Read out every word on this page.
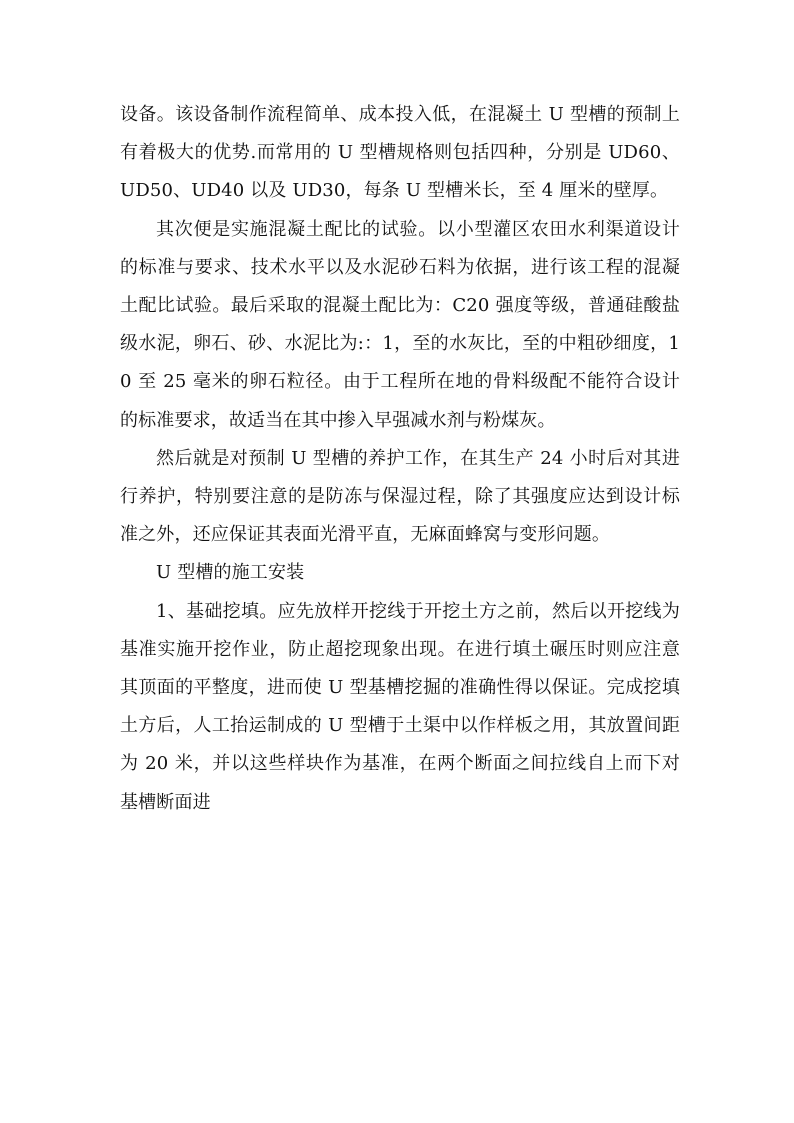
设备。该设备制作流程简单、成本投入低，在混凝土 U 型槽的预制上有着极大的优势.而常用的 U 型槽规格则包括四种，分别是 UD60、UD50、UD40 以及 UD30，每条 U 型槽米长，至 4 厘米的壁厚。

其次便是实施混凝土配比的试验。以小型灌区农田水利渠道设计的标准与要求、技术水平以及水泥砂石料为依据，进行该工程的混凝土配比试验。最后采取的混凝土配比为：C20 强度等级，普通硅酸盐级水泥，卵石、砂、水泥比为:：1，至的水灰比，至的中粗砂细度，10 至 25 毫米的卵石粒径。由于工程所在地的骨料级配不能符合设计的标准要求，故适当在其中掺入早强减水剂与粉煤灰。

然后就是对预制 U 型槽的养护工作，在其生产 24 小时后对其进行养护，特别要注意的是防冻与保湿过程，除了其强度应达到设计标准之外，还应保证其表面光滑平直，无麻面蜂窝与变形问题。

U 型槽的施工安装

1、基础挖填。应先放样开挖线于开挖土方之前，然后以开挖线为基准实施开挖作业，防止超挖现象出现。在进行填土碾压时则应注意其顶面的平整度，进而使 U 型基槽挖掘的准确性得以保证。完成挖填土方后，人工抬运制成的 U 型槽于土渠中以作样板之用，其放置间距为 20 米，并以这些样块作为基准，在两个断面之间拉线自上而下对基槽断面进
